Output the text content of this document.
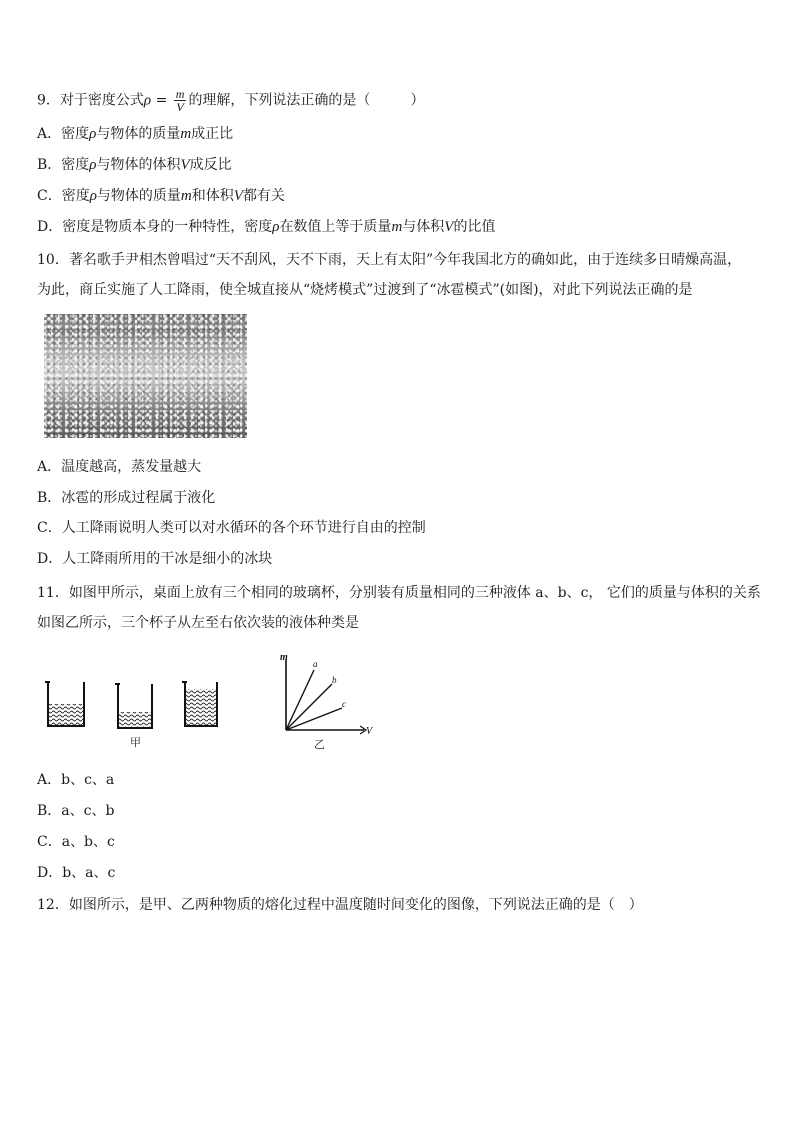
9．对于密度公式$\rho = \frac{m}{V}$ 的理解，下列说法正确的是（	）
A．密度ρ与物体的质量m成正比
B．密度ρ与物体的体积V成反比
C．密度ρ与物体的质量m和体积V都有关
D．密度是物质本身的一种特性，密度ρ在数值上等于质量m与体积V的比值
10．著名歌手尹相杰曾唱过“天不刮风，天不下雨，天上有太阳”今年我国北方的确如此，由于连续多日晴燥高温，
为此，商丘实施了人工降雨，使全城直接从“烧烤模式”过渡到了“冰雹模式”(如图)，对此下列说法正确的是
A．温度越高，蒸发量越大
B．冰雹的形成过程属于液化
C．人工降雨说明人类可以对水循环的各个环节进行自由的控制
D．人工降雨所用的干冰是细小的冰块
11．如图甲所示，桌面上放有三个相同的玻璃杯，分别装有质量相同的三种液体 a、b、c， 它们的质量与体积的关系
如图乙所示，三个杯子从左至右依次装的液体种类是
甲
m
V
a
b
c
乙
A．b、c、a
B．a、c、b
C．a、b、c
D．b、a、c
12．如图所示，是甲、乙两种物质的熔化过程中温度随时间变化的图像，下列说法正确的是（　）
